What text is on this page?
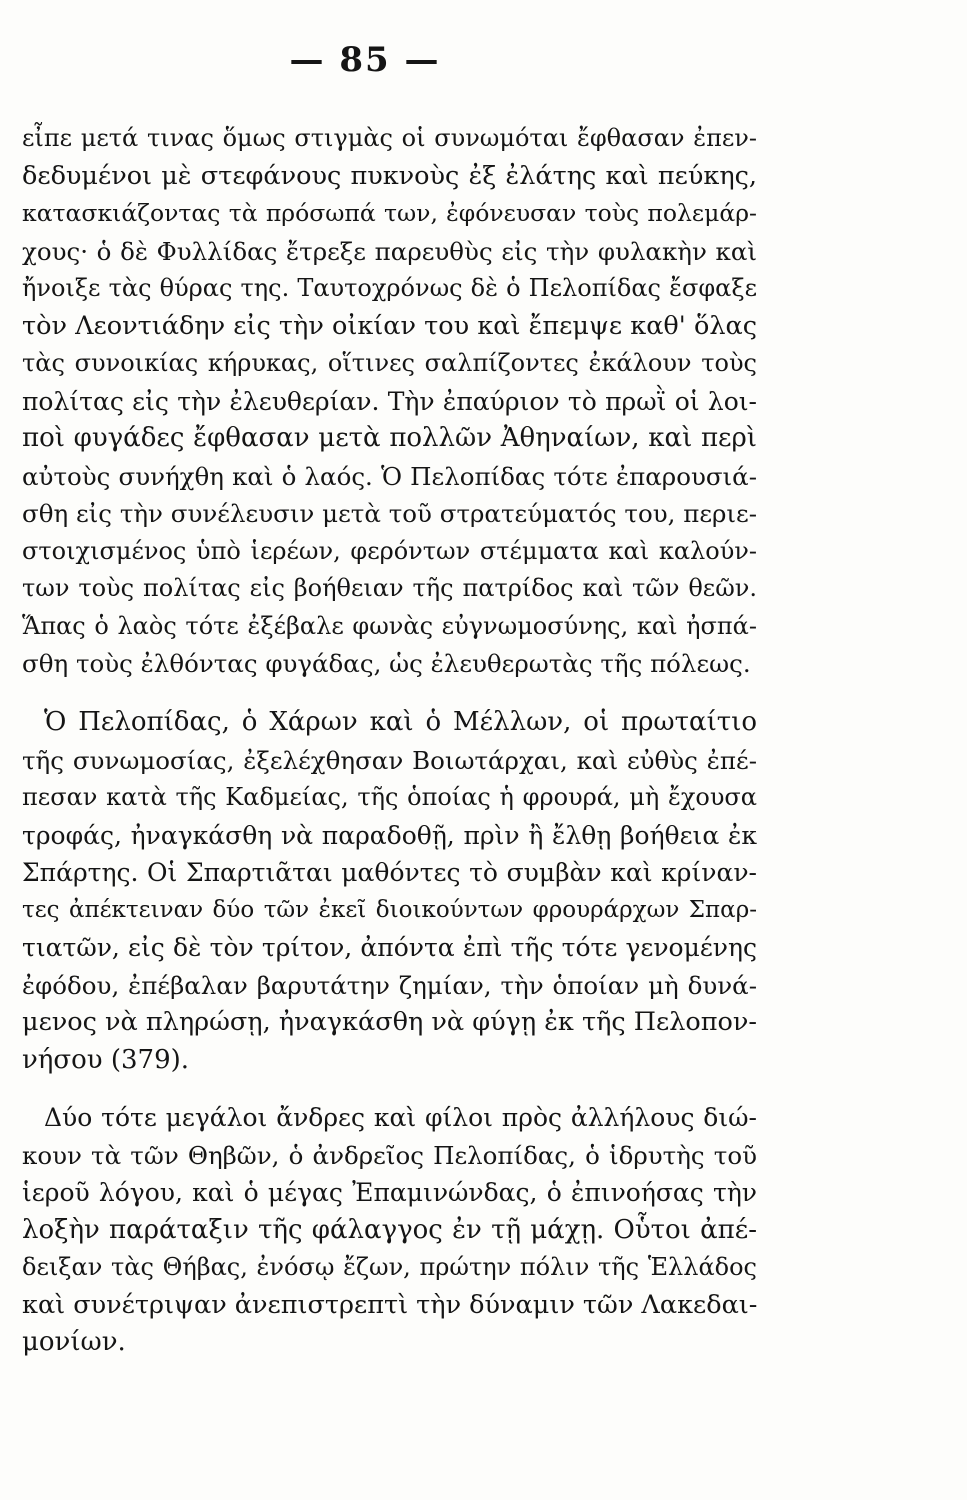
— 85 —
εἶπε μετά τινας ὅμως στιγμὰς οἱ συνωμόται ἔφθασαν ἐπεν-
δεδυμένοι μὲ στεφάνους πυκνοὺς ἐξ ἐλάτης καὶ πεύκης,
κατασκιάζοντας τὰ πρόσωπά των, ἐφόνευσαν τοὺς πολεμάρ-
χους· ὁ δὲ Φυλλίδας ἔτρεξε παρευθὺς εἰς τὴν φυλακὴν καὶ
ἤνοιξε τὰς θύρας της. Ταυτοχρόνως δὲ ὁ Πελοπίδας ἔσφαξε
τὸν Λεοντιάδην εἰς τὴν οἰκίαν του καὶ ἔπεμψε καθ' ὅλας
τὰς συνοικίας κήρυκας, οἵτινες σαλπίζοντες ἐκάλουν τοὺς
πολίτας εἰς τὴν ἐλευθερίαν. Τὴν ἐπαύριον τὸ πρωῒ οἱ λοι-
ποὶ φυγάδες ἔφθασαν μετὰ πολλῶν Ἀθηναίων, καὶ περὶ
αὐτοὺς συνήχθη καὶ ὁ λαός. Ὁ Πελοπίδας τότε ἐπαρουσιά-
σθη εἰς τὴν συνέλευσιν μετὰ τοῦ στρατεύματός του, περιε-
στοιχισμένος ὑπὸ ἱερέων, φερόντων στέμματα καὶ καλούν-
των τοὺς πολίτας εἰς βοήθειαν τῆς πατρίδος καὶ τῶν θεῶν.
Ἅπας ὁ λαὸς τότε ἐξέβαλε φωνὰς εὐγνωμοσύνης, καὶ ἠσπά-
σθη τοὺς ἐλθόντας φυγάδας, ὡς ἐλευθερωτὰς τῆς πόλεως.
Ὁ Πελοπίδας, ὁ Χάρων καὶ ὁ Μέλλων, οἱ πρωταίτιο
τῆς συνωμοσίας, ἐξελέχθησαν Βοιωτάρχαι, καὶ εὐθὺς ἐπέ-
πεσαν κατὰ τῆς Καδμείας, τῆς ὁποίας ἡ φρουρά, μὴ ἔχουσα
τροφάς, ἠναγκάσθη νὰ παραδοθῇ, πρὶν ἢ ἔλθῃ βοήθεια ἐκ
Σπάρτης. Οἱ Σπαρτιᾶται μαθόντες τὸ συμβὰν καὶ κρίναν-
τες ἀπέκτειναν δύο τῶν ἐκεῖ διοικούντων φρουράρχων Σπαρ-
τιατῶν, εἰς δὲ τὸν τρίτον, ἀπόντα ἐπὶ τῆς τότε γενομένης
ἐφόδου, ἐπέβαλαν βαρυτάτην ζημίαν, τὴν ὁποίαν μὴ δυνά-
μενος νὰ πληρώσῃ, ἠναγκάσθη νὰ φύγῃ ἐκ τῆς Πελοπον-
νήσου (379).
Δύο τότε μεγάλοι ἄνδρες καὶ φίλοι πρὸς ἀλλήλους διώ-
κουν τὰ τῶν Θηβῶν, ὁ ἀνδρεῖος Πελοπίδας, ὁ ἱδρυτὴς τοῦ
ἱεροῦ λόγου, καὶ ὁ μέγας Ἐπαμινώνδας, ὁ ἐπινοήσας τὴν
λοξὴν παράταξιν τῆς φάλαγγος ἐν τῇ μάχῃ. Οὗτοι ἀπέ-
δειξαν τὰς Θήβας, ἐνόσῳ ἔζων, πρώτην πόλιν τῆς Ἑλλάδος
καὶ συνέτριψαν ἀνεπιστρεπτὶ τὴν δύναμιν τῶν Λακεδαι-
μονίων.
